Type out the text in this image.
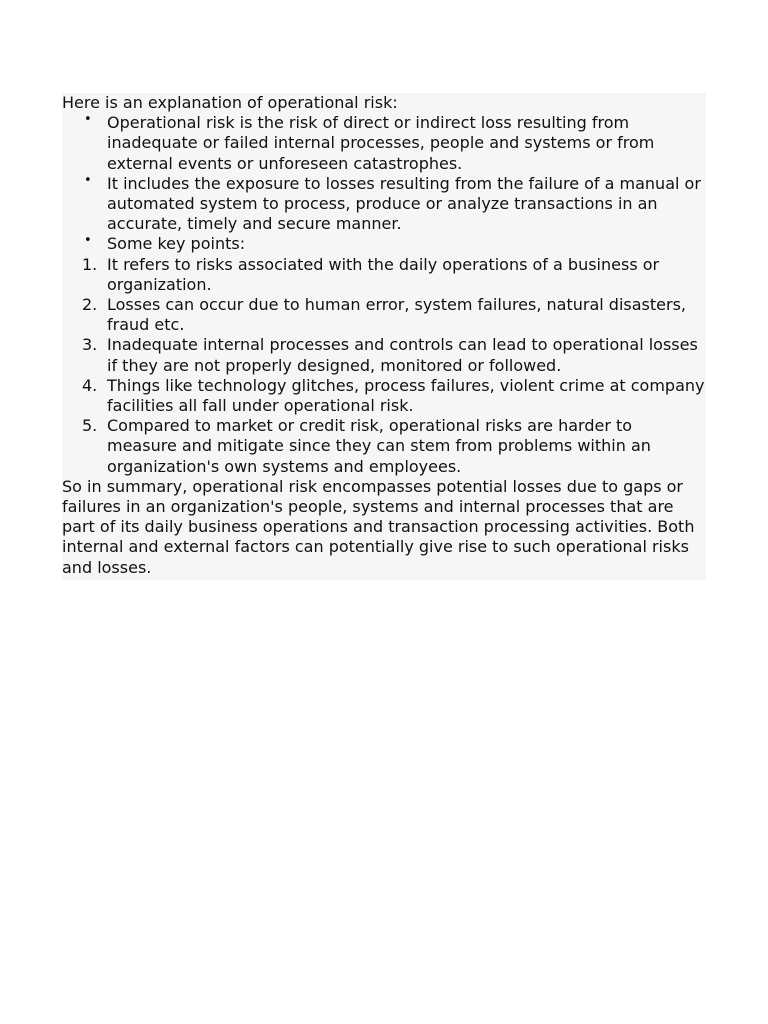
Here is an explanation of operational risk:

• Operational risk is the risk of direct or indirect loss resulting from inadequate or failed internal processes, people and systems or from external events or unforeseen catastrophes.
• It includes the exposure to losses resulting from the failure of a manual or automated system to process, produce or analyze transactions in an accurate, timely and secure manner.
• Some key points:
1. It refers to risks associated with the daily operations of a business or organization.
2. Losses can occur due to human error, system failures, natural disasters, fraud etc.
3. Inadequate internal processes and controls can lead to operational losses if they are not properly designed, monitored or followed.
4. Things like technology glitches, process failures, violent crime at company facilities all fall under operational risk.
5. Compared to market or credit risk, operational risks are harder to measure and mitigate since they can stem from problems within an organization's own systems and employees.

So in summary, operational risk encompasses potential losses due to gaps or failures in an organization's people, systems and internal processes that are part of its daily business operations and transaction processing activities. Both internal and external factors can potentially give rise to such operational risks and losses.
